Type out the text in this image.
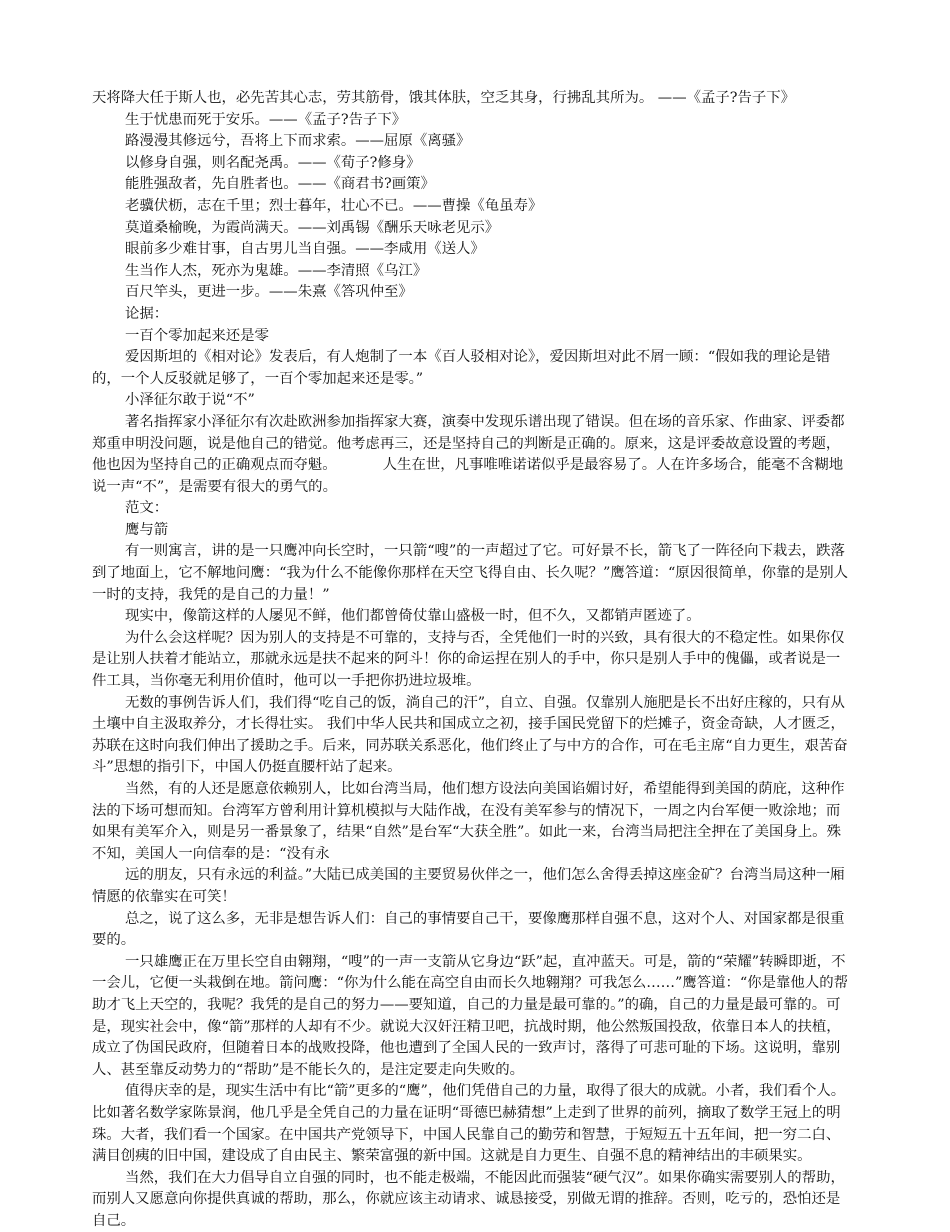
天将降大任于斯人也，必先苦其心志，劳其筋骨，饿其体肤，空乏其身，行拂乱其所为。 ——《孟子?告子下》

生于忧患而死于安乐。——《孟子?告子下》

路漫漫其修远兮，吾将上下而求索。——屈原《离骚》

以修身自强，则名配尧禹。——《荀子?修身》

能胜强敌者，先自胜者也。——《商君书?画策》

老骥伏枥，志在千里；烈士暮年，壮心不已。——曹操《龟虽寿》

莫道桑榆晚，为霞尚满天。——刘禹锡《酬乐天咏老见示》

眼前多少难甘事，自古男儿当自强。——李咸用《送人》

生当作人杰，死亦为鬼雄。——李清照《乌江》

百尺竿头，更进一步。——朱熹《答巩仲至》

论据：

一百个零加起来还是零

爱因斯坦的《相对论》发表后，有人炮制了一本《百人驳相对论》，爱因斯坦对此不屑一顾：“假如我的理论是错的，一个人反驳就足够了，一百个零加起来还是零。”

小泽征尔敢于说“不”

著名指挥家小泽征尔有次赴欧洲参加指挥家大赛，演奏中发现乐谱出现了错误。但在场的音乐家、作曲家、评委都郑重申明没问题，说是他自己的错觉。他考虑再三，还是坚持自己的判断是正确的。原来，这是评委故意设置的考题，他也因为坚持自己的正确观点而夺魁。	人生在世，凡事唯唯诺诺似乎是最容易了。人在许多场合，能毫不含糊地说一声“不”，是需要有很大的勇气的。

范文：

鹰与箭

有一则寓言，讲的是一只鹰冲向长空时，一只箭“嗖”的一声超过了它。可好景不长，箭飞了一阵径向下栽去，跌落到了地面上，它不解地问鹰：“我为什么不能像你那样在天空飞得自由、长久呢？”鹰答道：“原因很简单，你靠的是别人一时的支持，我凭的是自己的力量！”

现实中，像箭这样的人屡见不鲜，他们都曾倚仗靠山盛极一时，但不久，又都销声匿迹了。

为什么会这样呢？因为别人的支持是不可靠的，支持与否，全凭他们一时的兴致，具有很大的不稳定性。如果你仅是让别人扶着才能站立，那就永远是扶不起来的阿斗！你的命运捏在别人的手中，你只是别人手中的傀儡，或者说是一件工具，当你毫无利用价值时，他可以一手把你扔进垃圾堆。

无数的事例告诉人们，我们得“吃自己的饭，淌自己的汗”，自立、自强。仅靠别人施肥是长不出好庄稼的，只有从土壤中自主汲取养分，才长得壮实。 我们中华人民共和国成立之初，接手国民党留下的烂摊子，资金奇缺，人才匮乏，苏联在这时向我们伸出了援助之手。后来，同苏联关系恶化，他们终止了与中方的合作，可在毛主席“自力更生，艰苦奋斗”思想的指引下，中国人仍挺直腰杆站了起来。

当然，有的人还是愿意依赖别人，比如台湾当局，他们想方设法向美国谄媚讨好，希望能得到美国的荫庇，这种作法的下场可想而知。台湾军方曾利用计算机模拟与大陆作战，在没有美军参与的情况下，一周之内台军便一败涂地；而如果有美军介入，则是另一番景象了，结果“自然”是台军“大获全胜”。如此一来，台湾当局把注全押在了美国身上。殊不知，美国人一向信奉的是：“没有永

远的朋友，只有永远的利益。”大陆已成美国的主要贸易伙伴之一，他们怎么舍得丢掉这座金矿？台湾当局这种一厢情愿的依靠实在可笑！

总之，说了这么多，无非是想告诉人们：自己的事情要自己干，要像鹰那样自强不息，这对个人、对国家都是很重要的。

一只雄鹰正在万里长空自由翱翔，“嗖”的一声一支箭从它身边“跃”起，直冲蓝天。可是，箭的“荣耀”转瞬即逝，不一会儿，它便一头栽倒在地。箭问鹰：“你为什么能在高空自由而长久地翱翔？可我怎么……”鹰答道：“你是靠他人的帮助才飞上天空的，我呢？我凭的是自己的努力——要知道，自己的力量是最可靠的。”的确，自己的力量是最可靠的。可是，现实社会中，像“箭”那样的人却有不少。就说大汉奸汪精卫吧，抗战时期，他公然叛国投敌，依靠日本人的扶植，成立了伪国民政府，但随着日本的战败投降，他也遭到了全国人民的一致声讨，落得了可悲可耻的下场。这说明，靠别人、甚至靠反动势力的“帮助”是不能长久的，是注定要走向失败的。

值得庆幸的是，现实生活中有比“箭”更多的“鹰”，他们凭借自己的力量，取得了很大的成就。小者，我们看个人。比如著名数学家陈景润，他几乎是全凭自己的力量在证明“哥德巴赫猜想”上走到了世界的前列，摘取了数学王冠上的明珠。大者，我们看一个国家。在中国共产党领导下，中国人民靠自己的勤劳和智慧，于短短五十五年间，把一穷二白、满目创痍的旧中国，建设成了自由民主、繁荣富强的新中国。这就是自力更生、自强不息的精神结出的丰硕果实。

当然，我们在大力倡导自立自强的同时，也不能走极端，不能因此而强装“硬气汉”。如果你确实需要别人的帮助，而别人又愿意向你提供真诚的帮助，那么，你就应该主动请求、诚恳接受，别做无谓的推辞。否则，吃亏的，恐怕还是自己。
